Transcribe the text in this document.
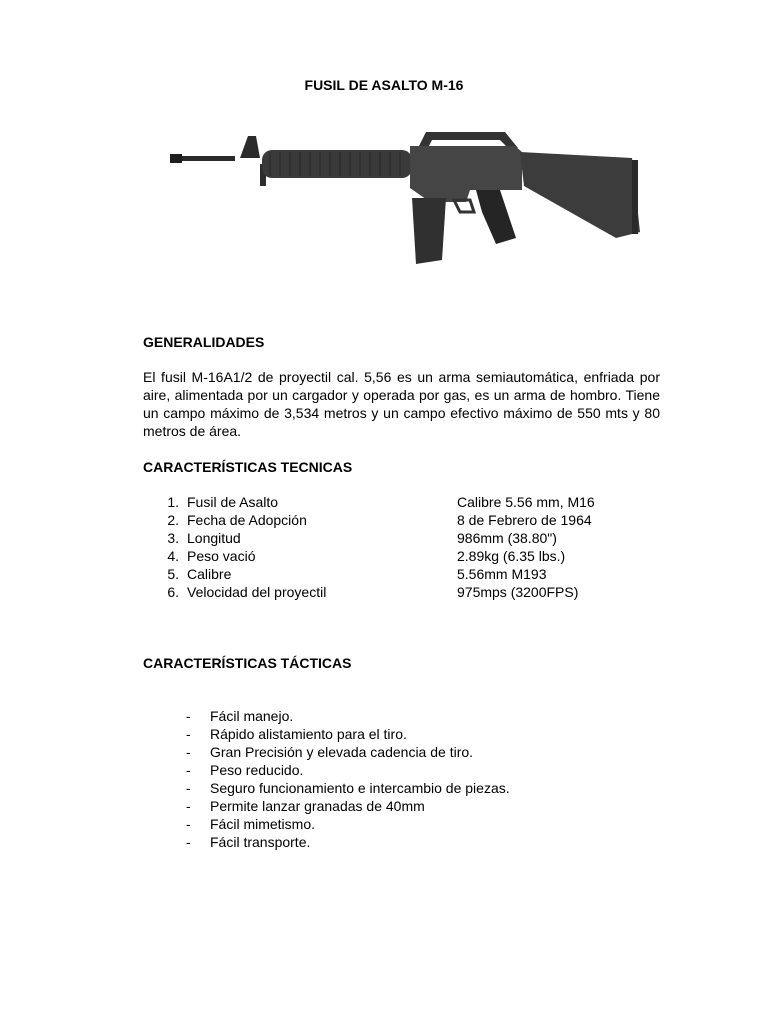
FUSIL DE ASALTO M-16
GENERALIDADES
El fusil M-16A1/2 de proyectil cal. 5,56 es un arma semiautomática, enfriada por aire, alimentada por un cargador y operada por gas, es un arma de hombro. Tiene un campo máximo de 3,534 metros y un campo efectivo máximo de 550 mts y 80 metros de área.
CARACTERÍSTICAS TECNICAS
1. Fusil de Asalto	Calibre 5.56 mm, M16
2. Fecha de Adopción	8 de Febrero de 1964
3. Longitud	986mm (38.80")
4. Peso vació	2.89kg (6.35 lbs.)
5. Calibre	5.56mm M193
6. Velocidad del proyectil	975mps (3200FPS)
CARACTERÍSTICAS TÁCTICAS
-	Fácil manejo.
-	Rápido alistamiento para el tiro.
-	Gran Precisión y elevada cadencia de tiro.
-	Peso reducido.
-	Seguro funcionamiento e intercambio de piezas.
-	Permite lanzar granadas de 40mm
-	Fácil mimetismo.
-	Fácil transporte.
